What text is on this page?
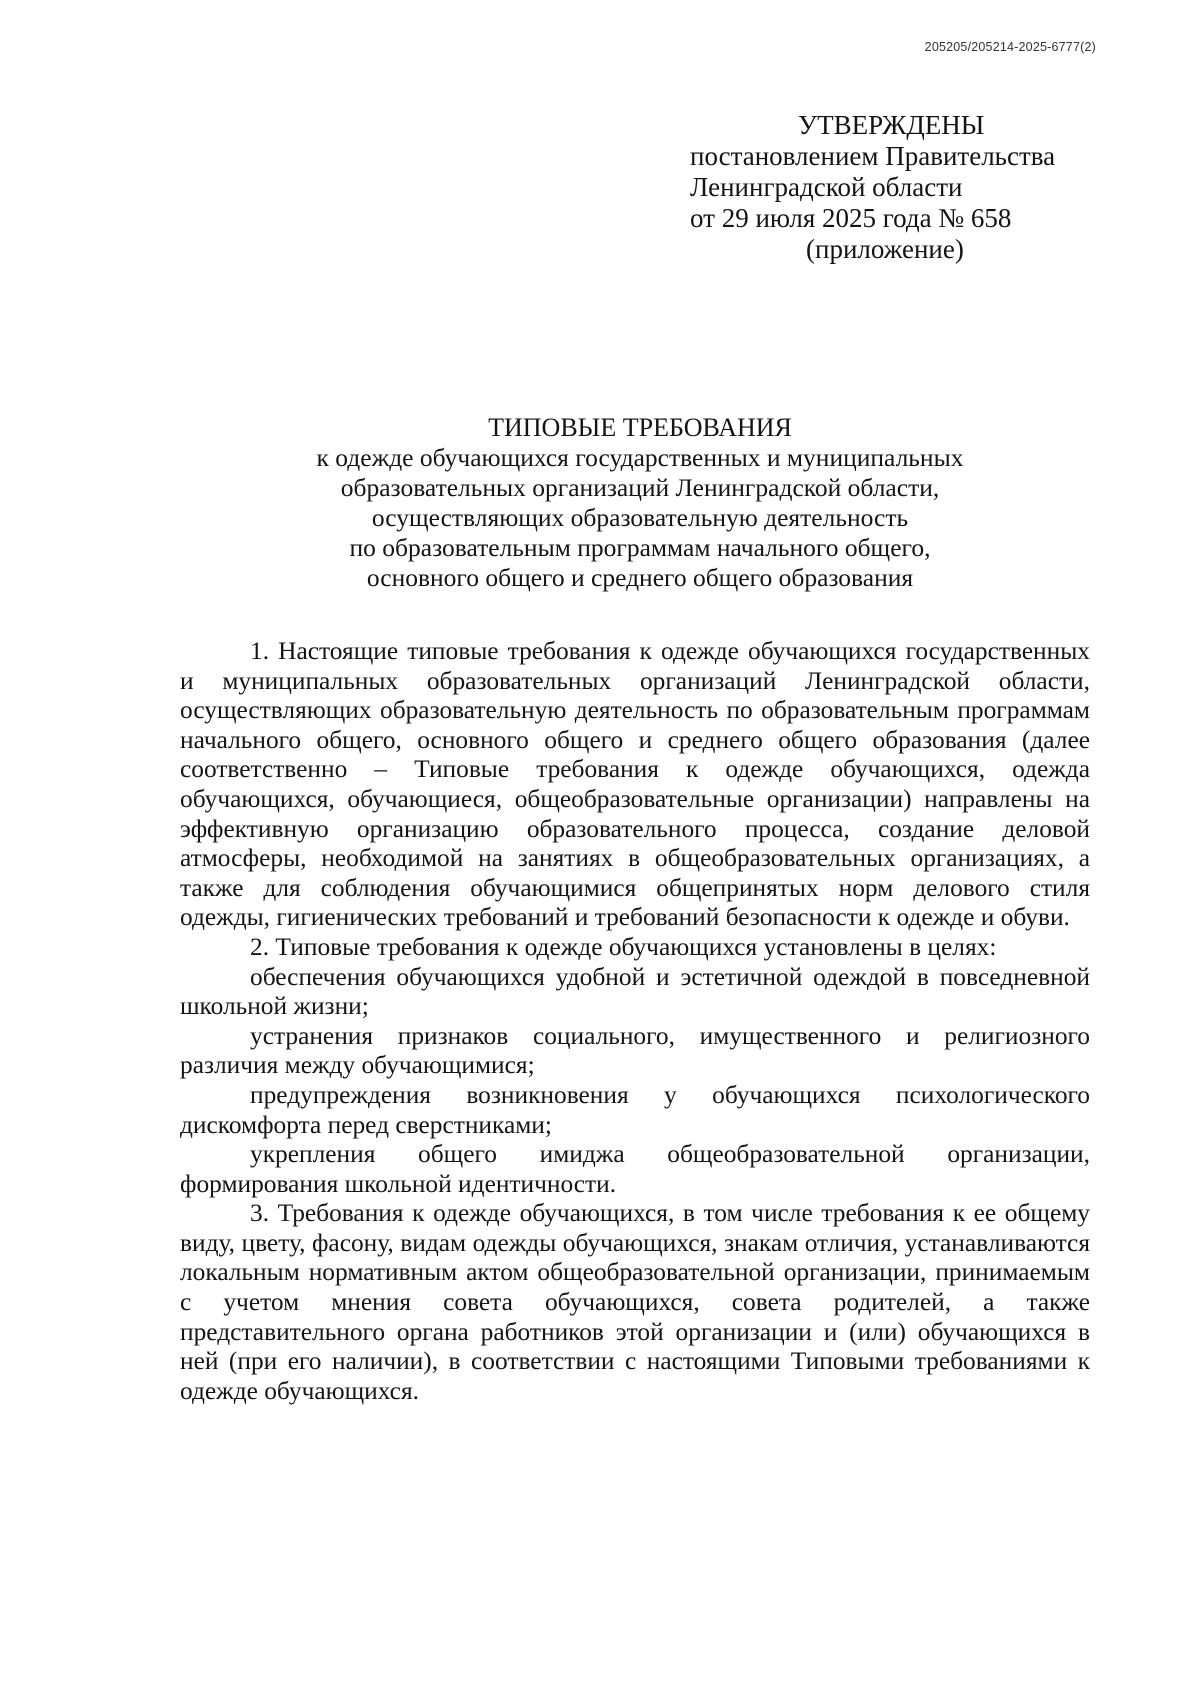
205205/205214-2025-6777(2)
УТВЕРЖДЕНЫ
постановлением Правительства
Ленинградской области
от 29 июля 2025 года № 658
(приложение)
ТИПОВЫЕ ТРЕБОВАНИЯ
к одежде обучающихся государственных и муниципальных
образовательных организаций Ленинградской области,
осуществляющих образовательную деятельность
по образовательным программам начального общего,
основного общего и среднего общего образования

1. Настоящие типовые требования к одежде обучающихся государственных и муниципальных образовательных организаций Ленинградской области, осуществляющих образовательную деятельность по образовательным программам начального общего, основного общего и среднего общего образования (далее соответственно – Типовые требования к одежде обучающихся, одежда обучающихся, обучающиеся, общеобразовательные организации) направлены на эффективную организацию образовательного процесса, создание деловой атмосферы, необходимой на занятиях в общеобразовательных организациях, а также для соблюдения обучающимися общепринятых норм делового стиля одежды, гигиенических требований и требований безопасности к одежде и обуви.

2. Типовые требования к одежде обучающихся установлены в целях:

обеспечения обучающихся удобной и эстетичной одеждой в повседневной школьной жизни;

устранения признаков социального, имущественного и религиозного различия между обучающимися;

предупреждения возникновения у обучающихся психологического дискомфорта перед сверстниками;

укрепления общего имиджа общеобразовательной организации, формирования школьной идентичности.

3. Требования к одежде обучающихся, в том числе требования к ее общему виду, цвету, фасону, видам одежды обучающихся, знакам отличия, устанавливаются локальным нормативным актом общеобразовательной организации, принимаемым с учетом мнения совета обучающихся, совета родителей, а также представительного органа работников этой организации и (или) обучающихся в ней (при его наличии), в соответствии с настоящими Типовыми требованиями к одежде обучающихся.
